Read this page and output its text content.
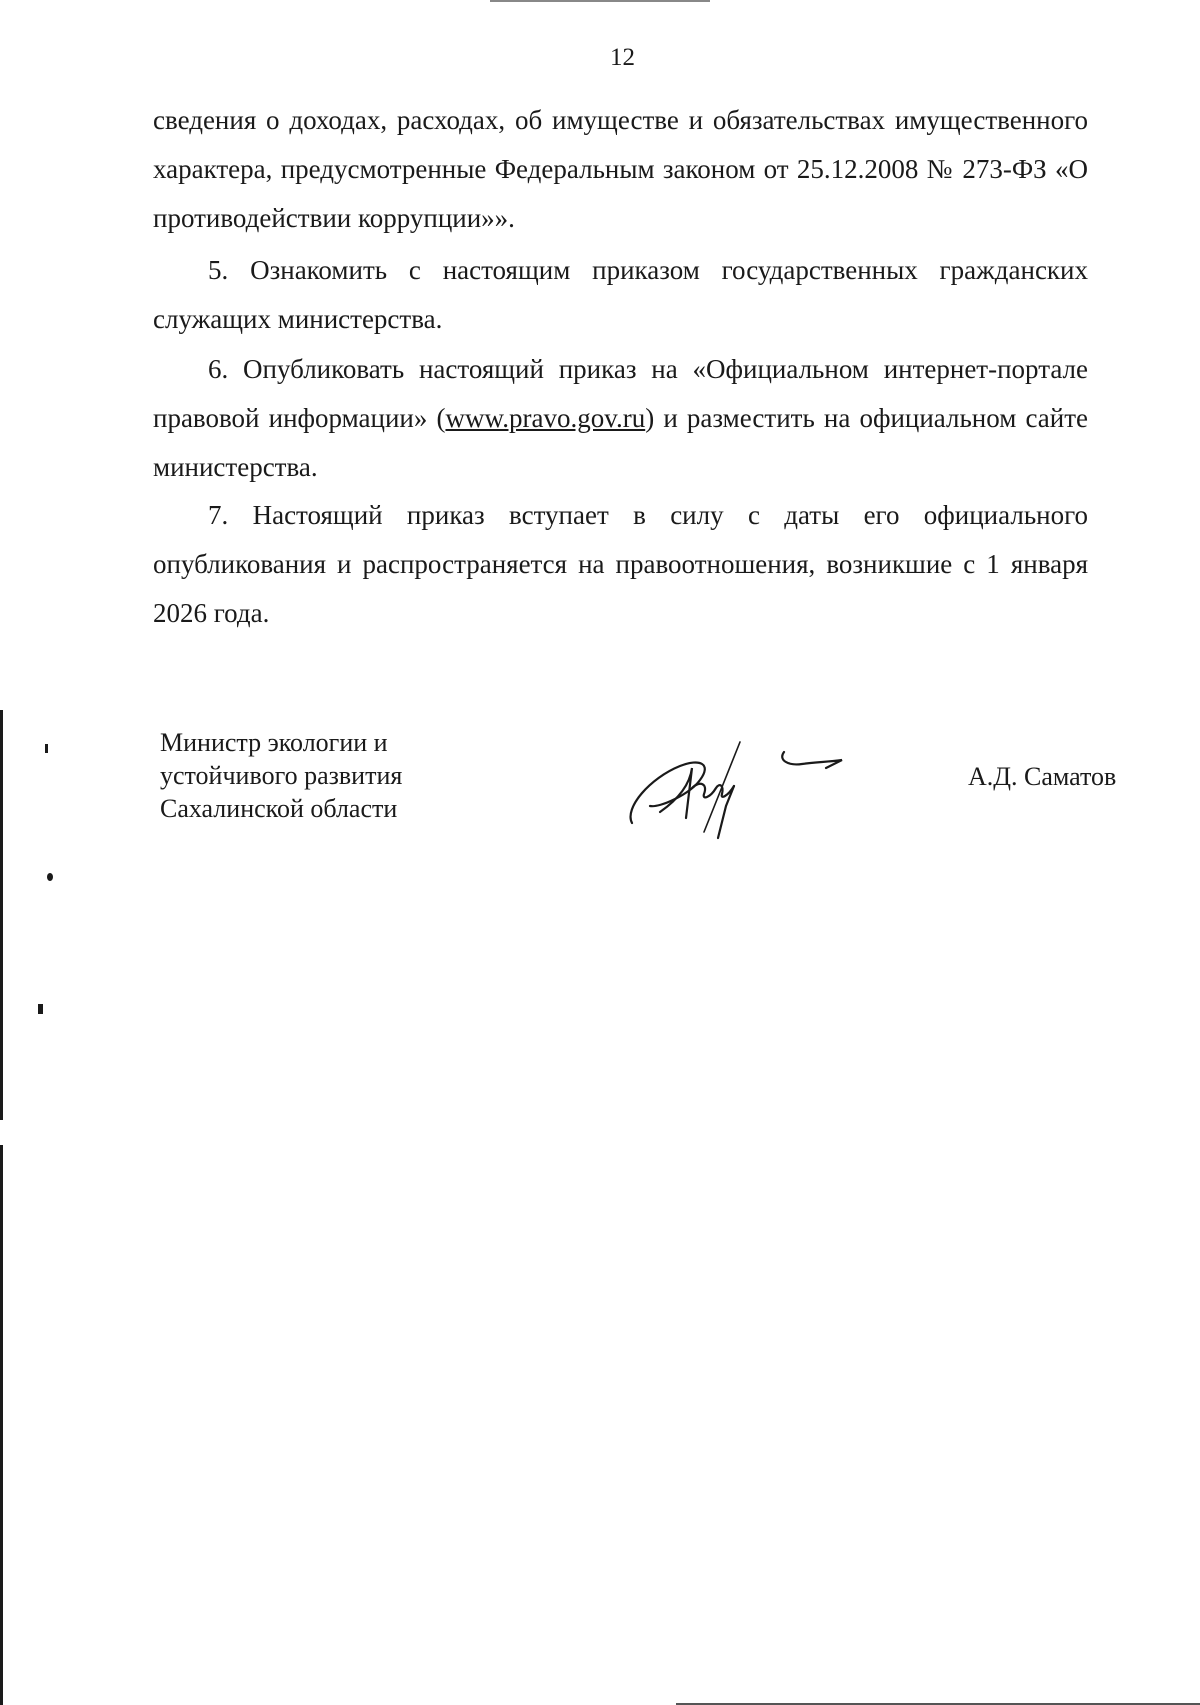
12

сведения о доходах, расходах, об имуществе и обязательствах имущественного характера, предусмотренные Федеральным законом от 25.12.2008 № 273-ФЗ «О противодействии коррупции»».

5. Ознакомить с настоящим приказом государственных гражданских служащих министерства.

6. Опубликовать настоящий приказ на «Официальном интернет-портале правовой информации» (www.pravo.gov.ru) и разместить на официальном сайте министерства.

7. Настоящий приказ вступает в силу с даты его официального опубликования и распространяется на правоотношения, возникшие с 1 января 2026 года.

Министр экологии и
устойчивого развития
Сахалинской области
А.Д. Саматов
